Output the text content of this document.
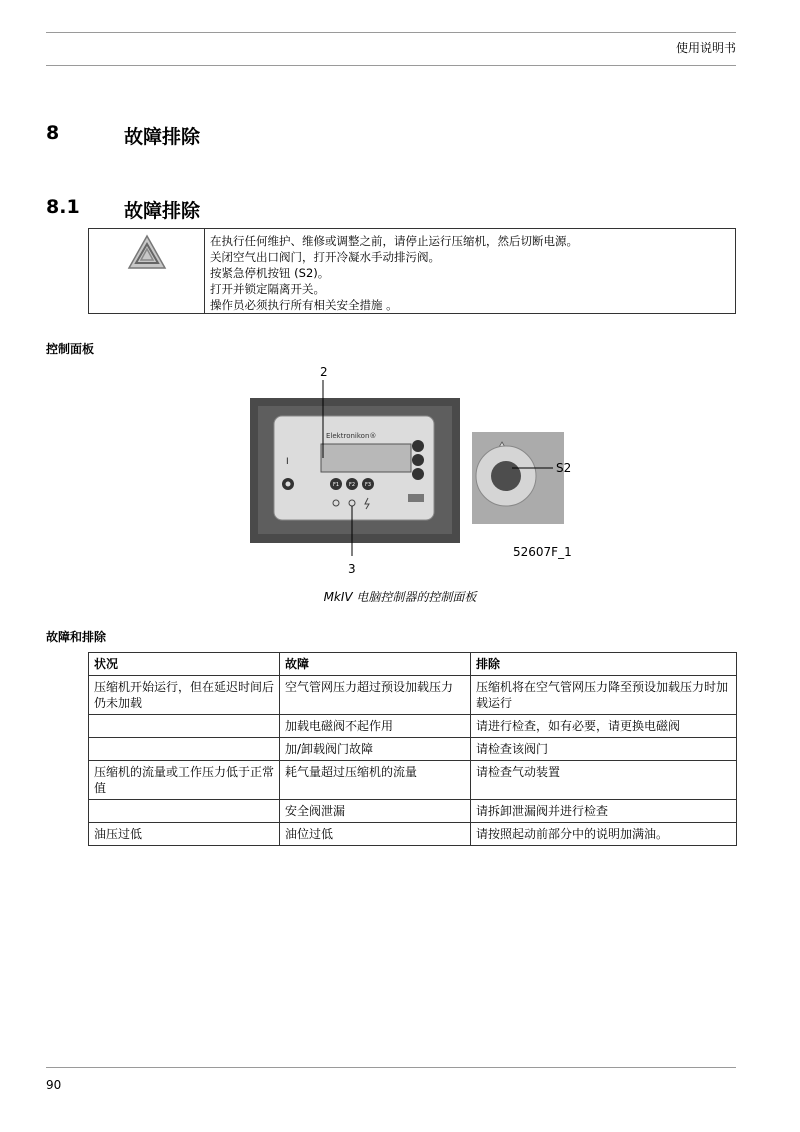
使用说明书
8	故障排除
8.1 故障排除
在执行任何维护、维修或调整之前，请停止运行压缩机，然后切断电源。
关闭空气出口阀门，打开冷凝水手动排污阀。
按紧急停机按钮 (S2)。
打开并锁定隔离开关。
操作员必须执行所有相关安全措施 。
控制面板
Elektronikon®
I
F1 F2 F3
2
3
S2
52607F_1
MkIV 电脑控制器的控制面板
故障和排除
状况	故障	排除
压缩机开始运行，但在延迟时间后仍未加载	空气管网压力超过预设加载压力	压缩机将在空气管网压力降至预设加载压力时加载运行
	加载电磁阀不起作用	请进行检查，如有必要，请更换电磁阀
	加/卸载阀门故障	请检查该阀门
压缩机的流量或工作压力低于正常值	耗气量超过压缩机的流量	请检查气动装置
	安全阀泄漏	请拆卸泄漏阀并进行检查
油压过低	油位过低	请按照起动前部分中的说明加满油。
90
